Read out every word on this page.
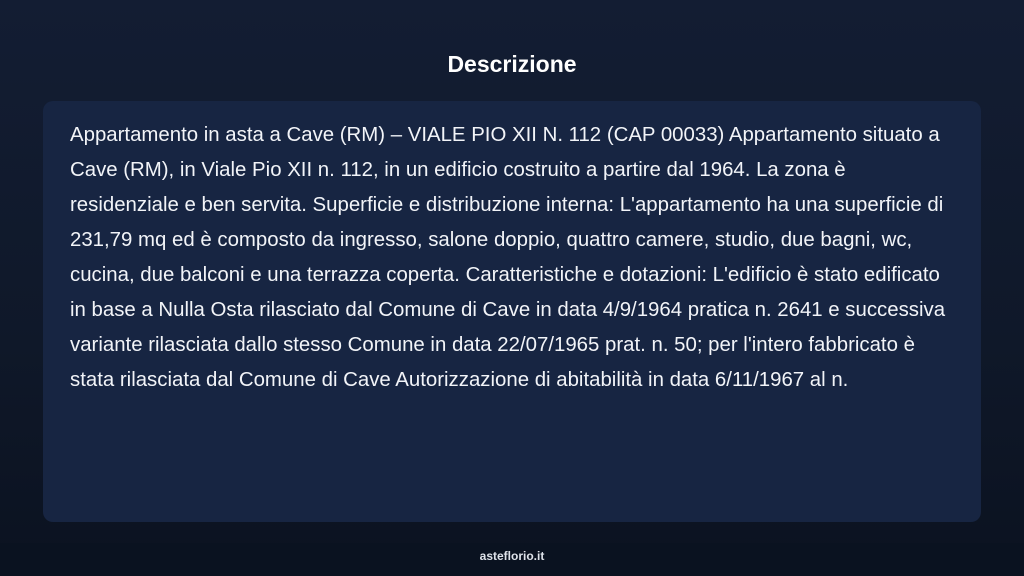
Descrizione

Appartamento in asta a Cave (RM) – VIALE PIO XII N. 112 (CAP 00033) Appartamento situato a Cave (RM), in Viale Pio XII n. 112, in un edificio costruito a partire dal 1964. La zona è residenziale e ben servita. Superficie e distribuzione interna: L'appartamento ha una superficie di 231,79 mq ed è composto da ingresso, salone doppio, quattro camere, studio, due bagni, wc, cucina, due balconi e una terrazza coperta. Caratteristiche e dotazioni: L'edificio è stato edificato in base a Nulla Osta rilasciato dal Comune di Cave in data 4/9/1964 pratica n. 2641 e successiva variante rilasciata dallo stesso Comune in data 22/07/1965 prat. n. 50; per l'intero fabbricato è stata rilasciata dal Comune di Cave Autorizzazione di abitabilità in data 6/11/1967 al n.

asteflorio.it
